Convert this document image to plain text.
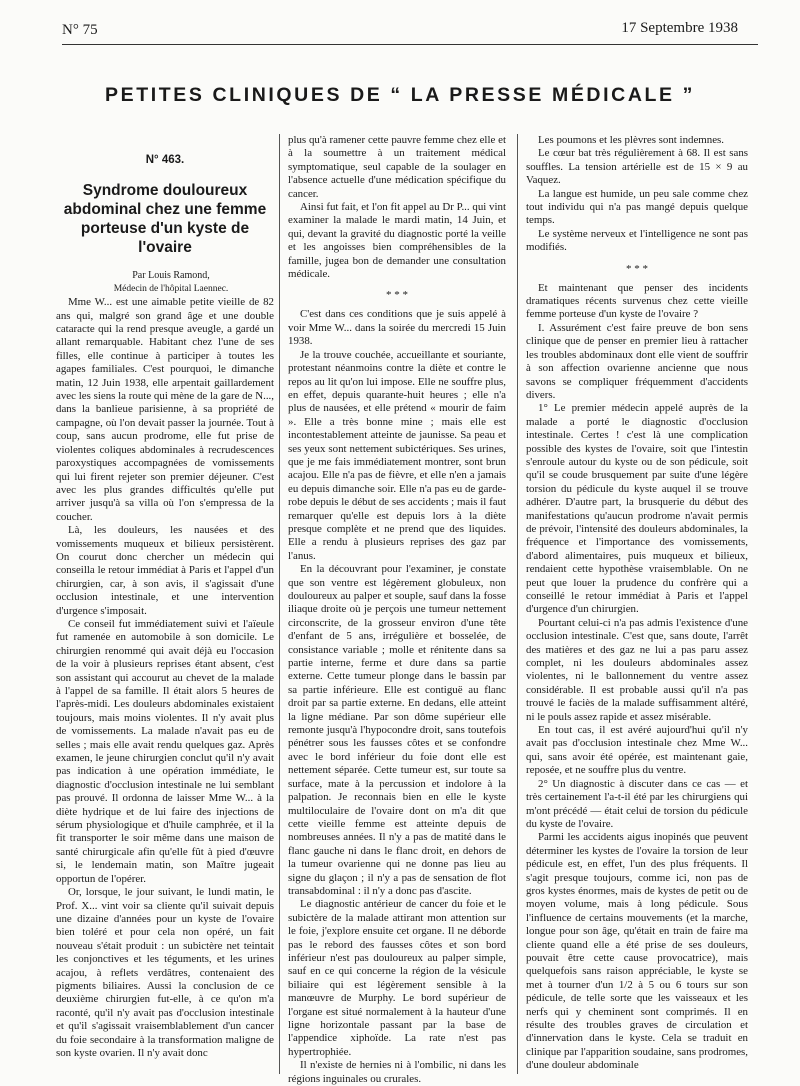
N° 75	17 Septembre 1938
PETITES CLINIQUES DE “ LA PRESSE MÉDICALE ”
N° 463.
Syndrome douloureux abdominal chez une femme porteuse d'un kyste de l'ovaire

Par Louis Ramond,

Médecin de l'hôpital Laennec.

Mme W... est une aimable petite vieille de 82 ans qui, malgré son grand âge et une double cataracte qui la rend presque aveugle, a gardé un allant remarquable. Habitant chez l'une de ses filles, elle continue à participer à toutes les agapes familiales. C'est pourquoi, le dimanche matin, 12 Juin 1938, elle arpentait gaillardement avec les siens la route qui mène de la gare de N..., dans la banlieue parisienne, à sa propriété de campagne, où l'on devait passer la journée. Tout à coup, sans aucun prodrome, elle fut prise de violentes coliques abdominales à recrudescences paroxystiques accompagnées de vomissements qui lui firent rejeter son premier déjeuner. C'est avec les plus grandes difficultés qu'elle put arriver jusqu'à sa villa où l'on s'empressa de la coucher.

Là, les douleurs, les nausées et des vomissements muqueux et bilieux persistèrent. On courut donc chercher un médecin qui conseilla le retour immédiat à Paris et l'appel d'un chirurgien, car, à son avis, il s'agissait d'une occlusion intestinale, et une intervention d'urgence s'imposait.

Ce conseil fut immédiatement suivi et l'aïeule fut ramenée en automobile à son domicile. Le chirurgien renommé qui avait déjà eu l'occasion de la voir à plusieurs reprises étant absent, c'est son assistant qui accourut au chevet de la malade à l'appel de sa famille. Il était alors 5 heures de l'après-midi. Les douleurs abdominales existaient toujours, mais moins violentes. Il n'y avait plus de vomissements. La malade n'avait pas eu de selles ; mais elle avait rendu quelques gaz. Après examen, le jeune chirurgien conclut qu'il n'y avait pas indication à une opération immédiate, le diagnostic d'occlusion intestinale ne lui semblant pas prouvé. Il ordonna de laisser Mme W... à la diète hydrique et de lui faire des injections de sérum physiologique et d'huile camphrée, et il la fit transporter le soir même dans une maison de santé chirurgicale afin qu'elle fût à pied d'œuvre si, le lendemain matin, son Maître jugeait opportun de l'opérer.

Or, lorsque, le jour suivant, le lundi matin, le Prof. X... vint voir sa cliente qu'il suivait depuis une dizaine d'années pour un kyste de l'ovaire bien toléré et pour cela non opéré, un fait nouveau s'était produit : un subictère net teintait les conjonctives et les téguments, et les urines acajou, à reflets verdâtres, contenaient des pigments biliaires. Aussi la conclusion de ce deuxième chirurgien fut-elle, à ce qu'on m'a raconté, qu'il n'y avait pas d'occlusion intestinale et qu'il s'agissait vraisemblablement d'un cancer du foie secondaire à la transformation maligne de son kyste ovarien. Il n'y avait donc

plus qu'à ramener cette pauvre femme chez elle et à la soumettre à un traitement médical symptomatique, seul capable de la soulager en l'absence actuelle d'une médication spécifique du cancer.

Ainsi fut fait, et l'on fit appel au Dr P... qui vint examiner la malade le mardi matin, 14 Juin, et qui, devant la gravité du diagnostic porté la veille et les angoisses bien compréhensibles de la famille, jugea bon de demander une consultation médicale.

* * *

C'est dans ces conditions que je suis appelé à voir Mme W... dans la soirée du mercredi 15 Juin 1938.

Je la trouve couchée, accueillante et souriante, protestant néanmoins contre la diète et contre le repos au lit qu'on lui impose. Elle ne souffre plus, en effet, depuis quarante-huit heures ; elle n'a plus de nausées, et elle prétend « mourir de faim ». Elle a très bonne mine ; mais elle est incontestablement atteinte de jaunisse. Sa peau et ses yeux sont nettement subictériques. Ses urines, que je me fais immédiatement montrer, sont brun acajou. Elle n'a pas de fièvre, et elle n'en a jamais eu depuis dimanche soir. Elle n'a pas eu de garde-robe depuis le début de ses accidents ; mais il faut remarquer qu'elle est depuis lors à la diète presque complète et ne prend que des liquides. Elle a rendu à plusieurs reprises des gaz par l'anus.

En la découvrant pour l'examiner, je constate que son ventre est légèrement globuleux, non douloureux au palper et souple, sauf dans la fosse iliaque droite où je perçois une tumeur nettement circonscrite, de la grosseur environ d'une tête d'enfant de 5 ans, irrégulière et bosselée, de consistance variable ; molle et rénitente dans sa partie interne, ferme et dure dans sa partie externe. Cette tumeur plonge dans le bassin par sa partie inférieure. Elle est contiguë au flanc droit par sa partie externe. En dedans, elle atteint la ligne médiane. Par son dôme supérieur elle remonte jusqu'à l'hypocondre droit, sans toutefois pénétrer sous les fausses côtes et se confondre avec le bord inférieur du foie dont elle est nettement séparée. Cette tumeur est, sur toute sa surface, mate à la percussion et indolore à la palpation. Je reconnais bien en elle le kyste multiloculaire de l'ovaire dont on m'a dit que cette vieille femme est atteinte depuis de nombreuses années. Il n'y a pas de matité dans le flanc gauche ni dans le flanc droit, en dehors de la tumeur ovarienne qui ne donne pas lieu au signe du glaçon ; il n'y a pas de sensation de flot transabdominal : il n'y a donc pas d'ascite.

Le diagnostic antérieur de cancer du foie et le subictère de la malade attirant mon attention sur le foie, j'explore ensuite cet organe. Il ne déborde pas le rebord des fausses côtes et son bord inférieur n'est pas douloureux au palper simple, sauf en ce qui concerne la région de la vésicule biliaire qui est légèrement sensible à la manœuvre de Murphy. Le bord supérieur de l'organe est situé normalement à la hauteur d'une ligne horizontale passant par la base de l'appendice xiphoïde. La rate n'est pas hypertrophiée.

Il n'existe de hernies ni à l'ombilic, ni dans les régions inguinales ou crurales.

Les poumons et les plèvres sont indemnes.

Le cœur bat très régulièrement à 68. Il est sans souffles. La tension artérielle est de 15 × 9 au Vaquez.

La langue est humide, un peu sale comme chez tout individu qui n'a pas mangé depuis quelque temps.

Le système nerveux et l'intelligence ne sont pas modifiés.

* * *

Et maintenant que penser des incidents dramatiques récents survenus chez cette vieille femme porteuse d'un kyste de l'ovaire ?

I. Assurément c'est faire preuve de bon sens clinique que de penser en premier lieu à rattacher les troubles abdominaux dont elle vient de souffrir à son affection ovarienne ancienne que nous savons se compliquer fréquemment d'accidents divers.

1° Le premier médecin appelé auprès de la malade a porté le diagnostic d'occlusion intestinale. Certes ! c'est là une complication possible des kystes de l'ovaire, soit que l'intestin s'enroule autour du kyste ou de son pédicule, soit qu'il se coude brusquement par suite d'une légère torsion du pédicule du kyste auquel il se trouve adhérer. D'autre part, la brusquerie du début des manifestations qu'aucun prodrome n'avait permis de prévoir, l'intensité des douleurs abdominales, la fréquence et l'importance des vomissements, d'abord alimentaires, puis muqueux et bilieux, rendaient cette hypothèse vraisemblable. On ne peut que louer la prudence du confrère qui a conseillé le retour immédiat à Paris et l'appel d'urgence d'un chirurgien.

Pourtant celui-ci n'a pas admis l'existence d'une occlusion intestinale. C'est que, sans doute, l'arrêt des matières et des gaz ne lui a pas paru assez complet, ni les douleurs abdominales assez violentes, ni le ballonnement du ventre assez considérable. Il est probable aussi qu'il n'a pas trouvé le faciès de la malade suffisamment altéré, ni le pouls assez rapide et assez misérable.

En tout cas, il est avéré aujourd'hui qu'il n'y avait pas d'occlusion intestinale chez Mme W... qui, sans avoir été opérée, est maintenant gaie, reposée, et ne souffre plus du ventre.

2° Un diagnostic à discuter dans ce cas — et très certainement l'a-t-il été par les chirurgiens qui m'ont précédé — était celui de torsion du pédicule du kyste de l'ovaire.

Parmi les accidents aigus inopinés que peuvent déterminer les kystes de l'ovaire la torsion de leur pédicule est, en effet, l'un des plus fréquents. Il s'agit presque toujours, comme ici, non pas de gros kystes énormes, mais de kystes de petit ou de moyen volume, mais à long pédicule. Sous l'influence de certains mouvements (et la marche, longue pour son âge, qu'était en train de faire ma cliente quand elle a été prise de ses douleurs, pouvait être cette cause provocatrice), mais quelquefois sans raison appréciable, le kyste se met à tourner d'un 1/2 à 5 ou 6 tours sur son pédicule, de telle sorte que les vaisseaux et les nerfs qui y cheminent sont comprimés. Il en résulte des troubles graves de circulation et d'innervation dans le kyste. Cela se traduit en clinique par l'apparition soudaine, sans prodromes, d'une douleur abdominale
